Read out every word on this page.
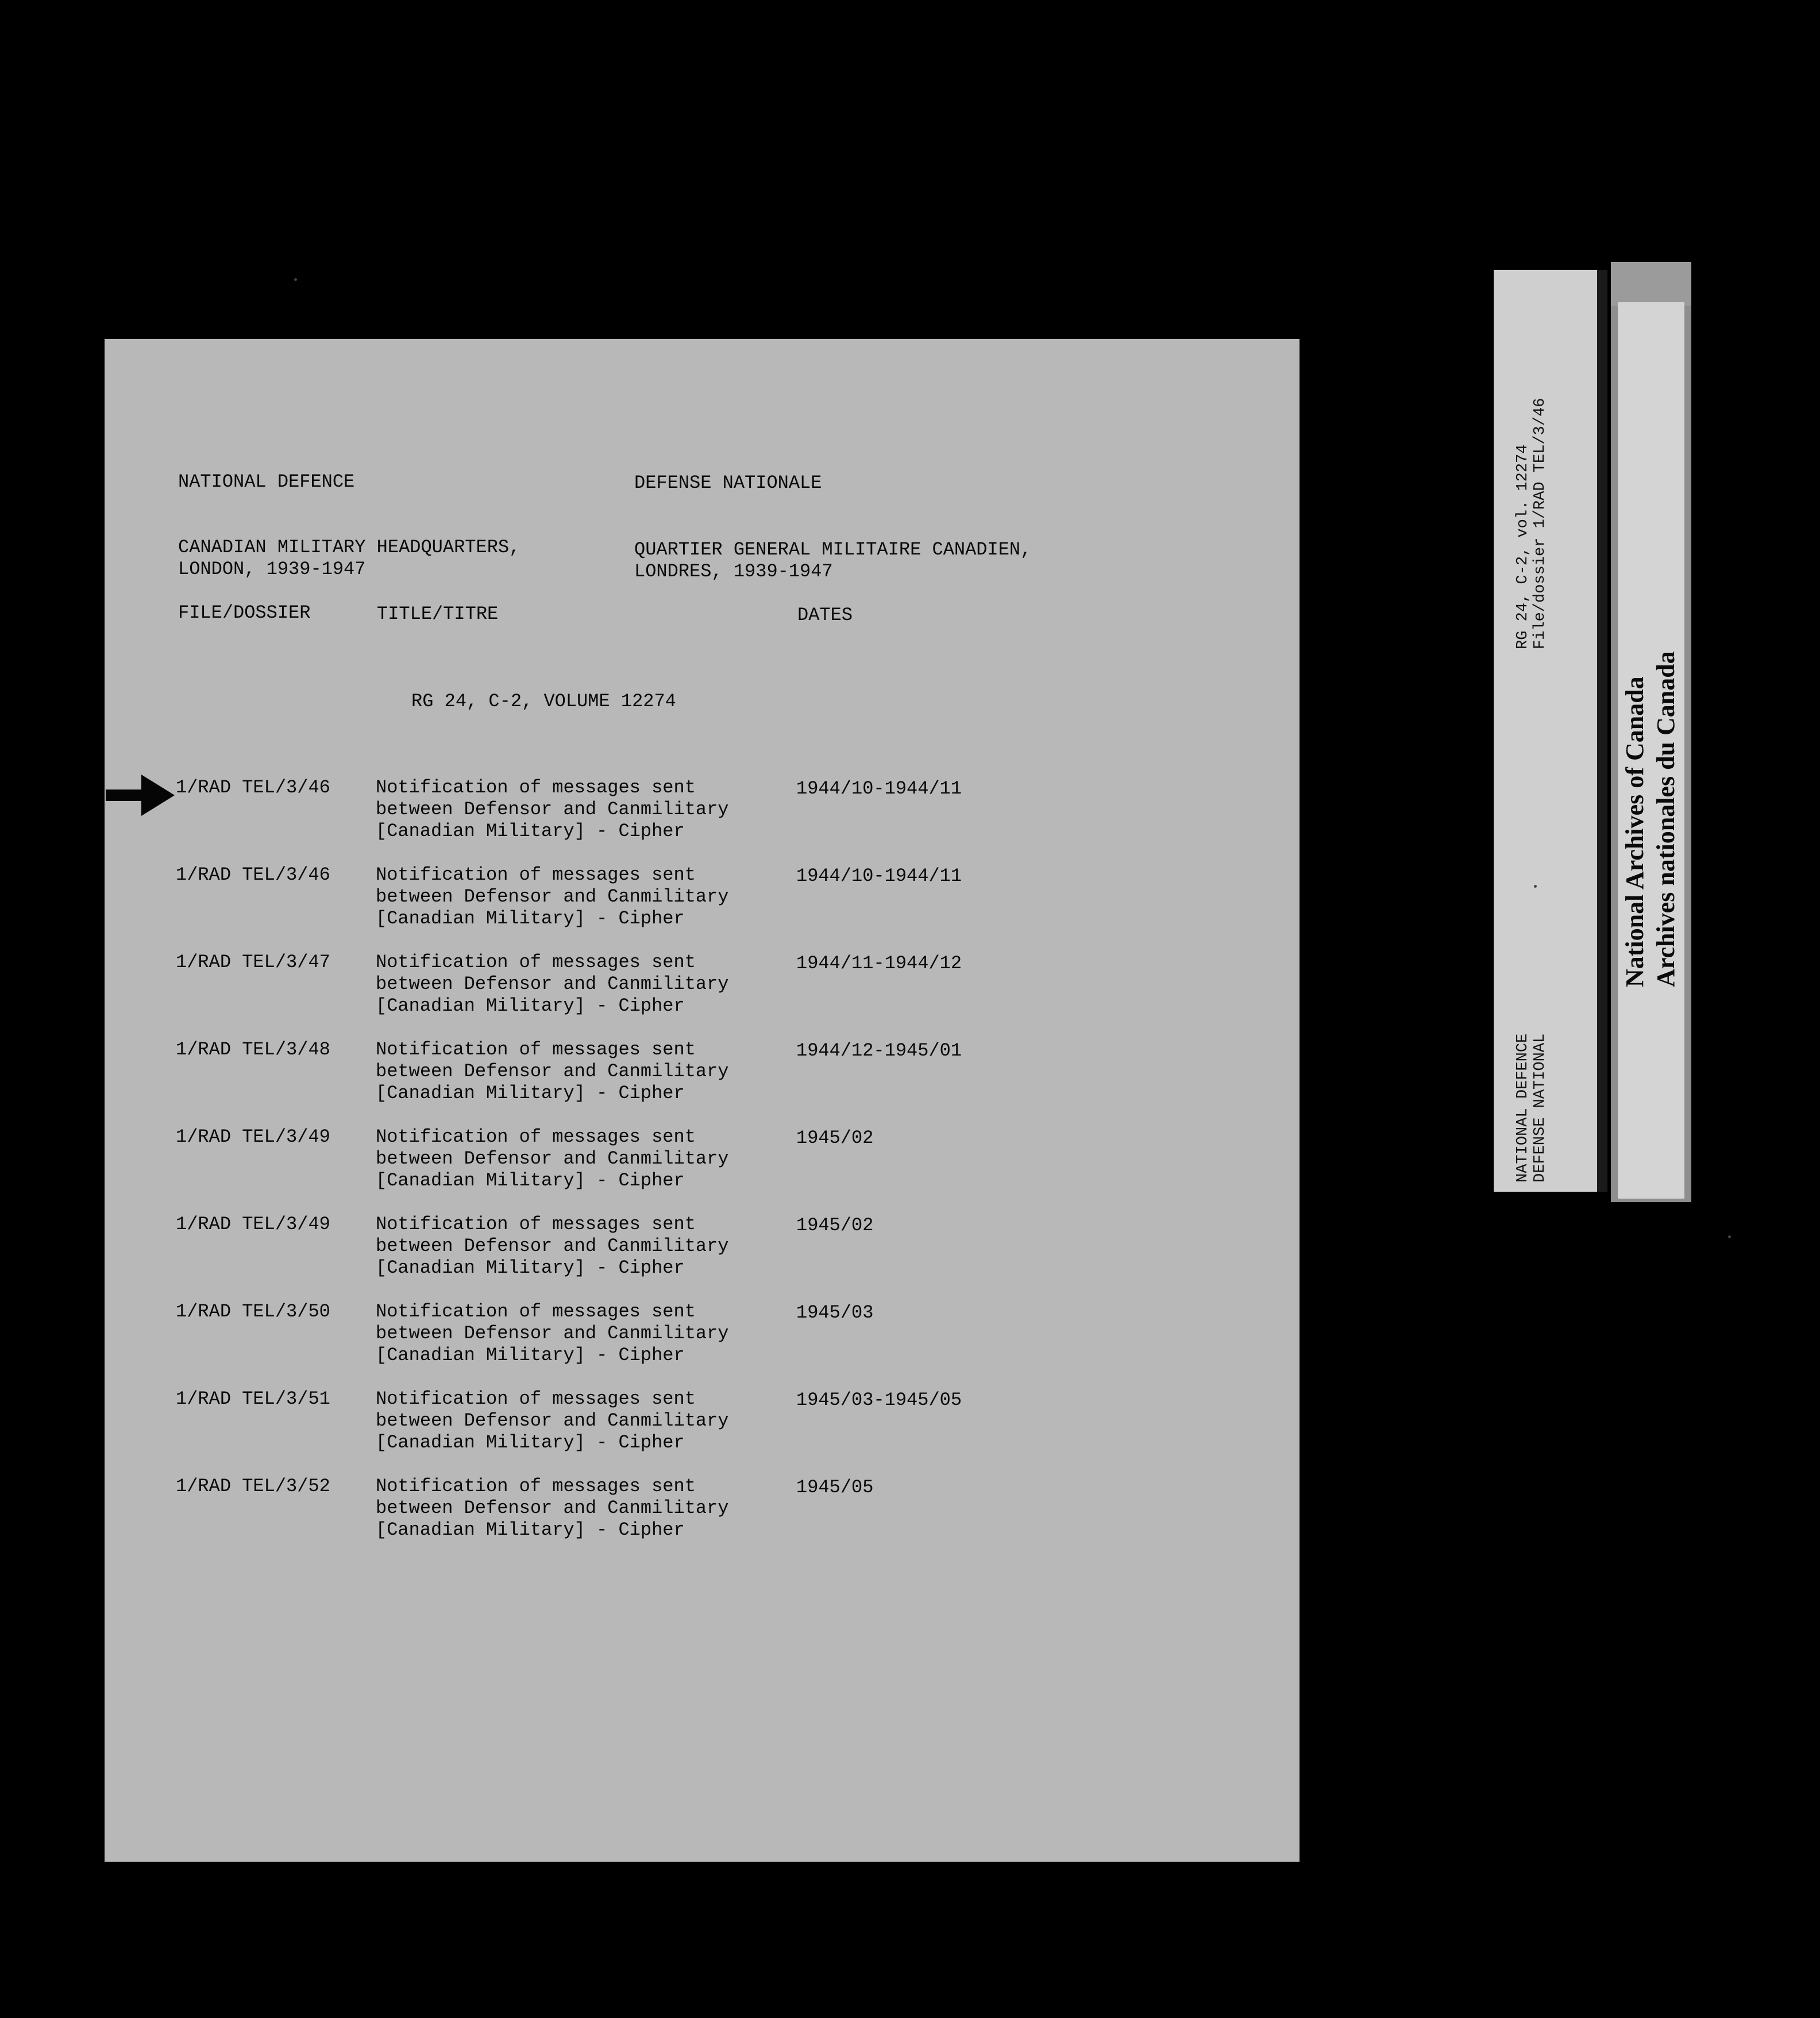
NATIONAL DEFENCE	DEFENSE NATIONALE
CANADIAN MILITARY HEADQUARTERS,
LONDON, 1939-1947
QUARTIER GENERAL MILITAIRE CANADIEN,
LONDRES, 1939-1947
FILE/DOSSIER	TITLE/TITRE	DATES
RG 24, C-2, VOLUME 12274
1/RAD TEL/3/46 Notification of messages sent
between Defensor and Canmilitary
[Canadian Military] - Cipher
1944/10-1944/11
1/RAD TEL/3/46 Notification of messages sent
between Defensor and Canmilitary
[Canadian Military] - Cipher
1944/10-1944/11
1/RAD TEL/3/47 Notification of messages sent
between Defensor and Canmilitary
[Canadian Military] - Cipher
1944/11-1944/12
1/RAD TEL/3/48 Notification of messages sent
between Defensor and Canmilitary
[Canadian Military] - Cipher
1944/12-1945/01
1/RAD TEL/3/49 Notification of messages sent
between Defensor and Canmilitary
[Canadian Military] - Cipher
1945/02
1/RAD TEL/3/49 Notification of messages sent
between Defensor and Canmilitary
[Canadian Military] - Cipher
1945/02
1/RAD TEL/3/50 Notification of messages sent
between Defensor and Canmilitary
[Canadian Military] - Cipher
1945/03
1/RAD TEL/3/51 Notification of messages sent
between Defensor and Canmilitary
[Canadian Military] - Cipher
1945/03-1945/05
1/RAD TEL/3/52 Notification of messages sent
between Defensor and Canmilitary
[Canadian Military] - Cipher
1945/05
RG 24, C-2, vol. 12274 File/dossier 1/RAD TEL/3/46
NATIONAL DEFENCE DEFENSE NATIONAL
National Archives of Canada Archives nationales du Canada
